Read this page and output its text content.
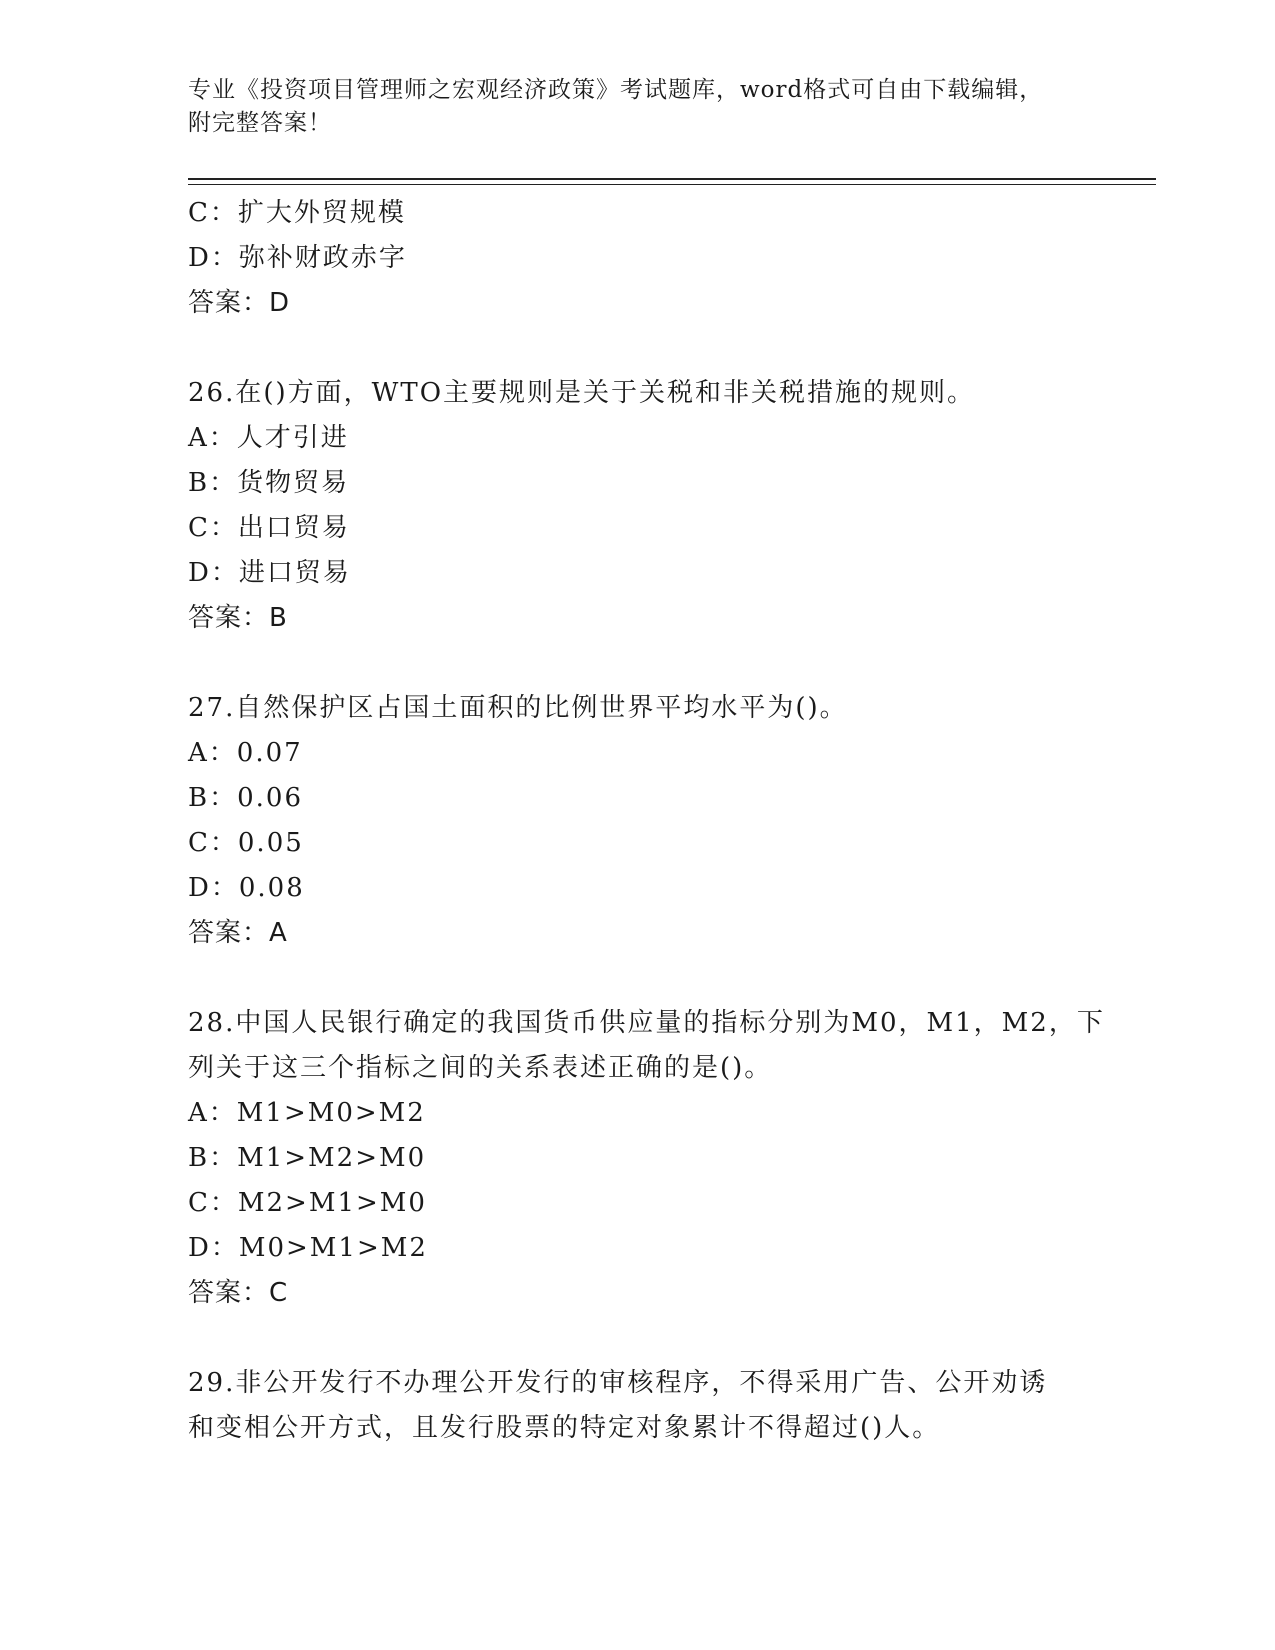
专业《投资项目管理师之宏观经济政策》考试题库，word格式可自由下载编辑，
附完整答案！
C：扩大外贸规模
D：弥补财政赤字
答案：D
26.在()方面，WTO主要规则是关于关税和非关税措施的规则。
A：人才引进
B：货物贸易
C：出口贸易
D：进口贸易
答案：B
27.自然保护区占国土面积的比例世界平均水平为()。
A：0.07
B：0.06
C：0.05
D：0.08
答案：A
28.中国人民银行确定的我国货币供应量的指标分别为M0，M1，M2，下
列关于这三个指标之间的关系表述正确的是()。
A：M1>M0>M2
B：M1>M2>M0
C：M2>M1>M0
D：M0>M1>M2
答案：C
29.非公开发行不办理公开发行的审核程序，不得采用广告、公开劝诱
和变相公开方式，且发行股票的特定对象累计不得超过()人。
